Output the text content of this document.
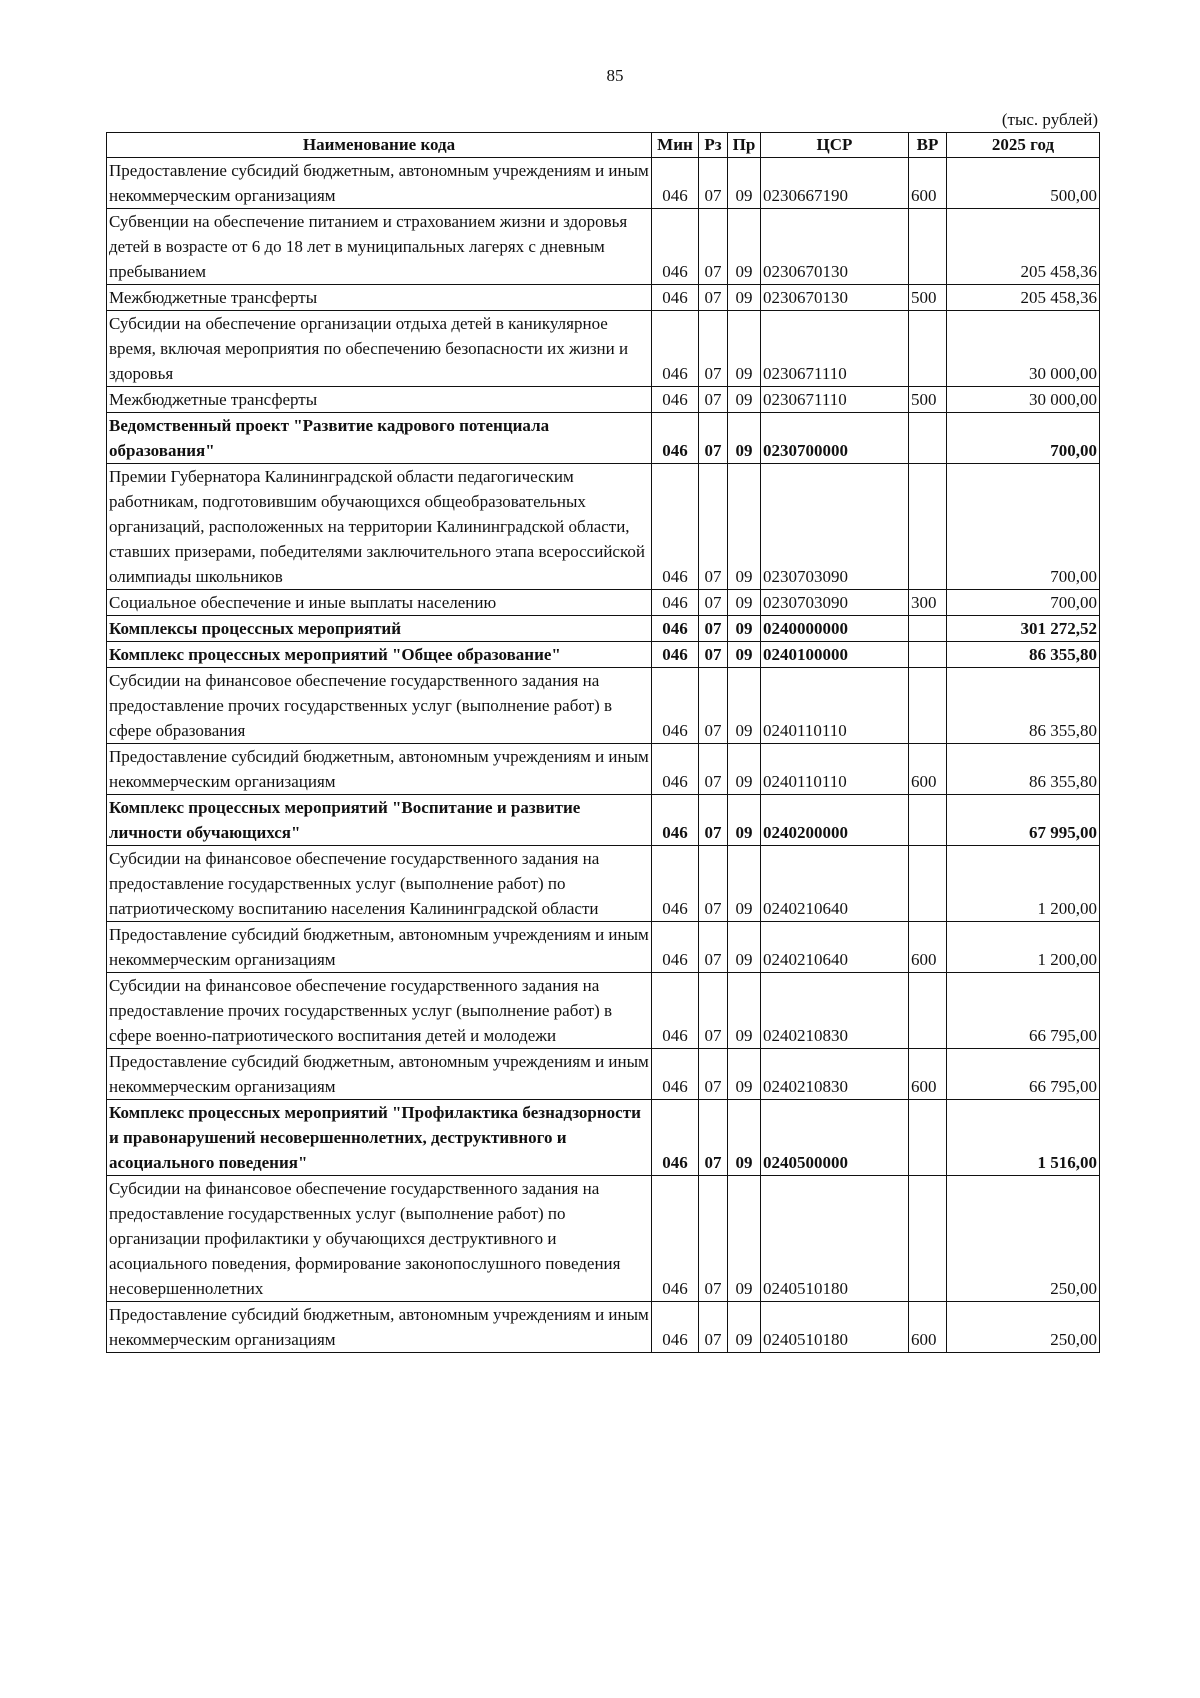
85
(тыс. рублей)
Наименование кода	Мин	Рз	Пр	ЦСР	ВР	2025 год
Предоставление субсидий бюджетным, автономным учреждениям и иным некоммерческим организациям	046	07	09	0230667190	600	500,00
Субвенции на обеспечение питанием и страхованием жизни и здоровья детей в возрасте от 6 до 18 лет в муниципальных лагерях с дневным пребыванием	046	07	09	0230670130		205 458,36
Межбюджетные трансферты	046	07	09	0230670130	500	205 458,36
Субсидии на обеспечение организации отдыха детей в каникулярное время, включая мероприятия по обеспечению безопасности их жизни и здоровья	046	07	09	0230671110		30 000,00
Межбюджетные трансферты	046	07	09	0230671110	500	30 000,00
Ведомственный проект "Развитие кадрового потенциала образования"	046	07	09	0230700000		700,00
Премии Губернатора Калининградской области педагогическим работникам, подготовившим обучающихся общеобразовательных организаций, расположенных на территории Калининградской области, ставших призерами, победителями заключительного этапа всероссийской олимпиады школьников	046	07	09	0230703090		700,00
Социальное обеспечение и иные выплаты населению	046	07	09	0230703090	300	700,00
Комплексы процессных мероприятий	046	07	09	0240000000		301 272,52
Комплекс процессных мероприятий "Общее образование"	046	07	09	0240100000		86 355,80
Субсидии на финансовое обеспечение государственного задания на предоставление прочих государственных услуг (выполнение работ) в сфере образования	046	07	09	0240110110		86 355,80
Предоставление субсидий бюджетным, автономным учреждениям и иным некоммерческим организациям	046	07	09	0240110110	600	86 355,80
Комплекс процессных мероприятий "Воспитание и развитие личности обучающихся"	046	07	09	0240200000		67 995,00
Субсидии на финансовое обеспечение государственного задания на предоставление государственных услуг (выполнение работ) по патриотическому воспитанию населения Калининградской области	046	07	09	0240210640		1 200,00
Предоставление субсидий бюджетным, автономным учреждениям и иным некоммерческим организациям	046	07	09	0240210640	600	1 200,00
Субсидии на финансовое обеспечение государственного задания на предоставление прочих государственных услуг (выполнение работ) в сфере военно-патриотического воспитания детей и молодежи	046	07	09	0240210830		66 795,00
Предоставление субсидий бюджетным, автономным учреждениям и иным некоммерческим организациям	046	07	09	0240210830	600	66 795,00
Комплекс процессных мероприятий "Профилактика безнадзорности и правонарушений несовершеннолетних, деструктивного и асоциального поведения"	046	07	09	0240500000		1 516,00
Субсидии на финансовое обеспечение государственного задания на предоставление государственных услуг (выполнение работ) по организации профилактики у обучающихся деструктивного и асоциального поведения, формирование законопослушного поведения несовершеннолетних	046	07	09	0240510180		250,00
Предоставление субсидий бюджетным, автономным учреждениям и иным некоммерческим организациям	046	07	09	0240510180	600	250,00
